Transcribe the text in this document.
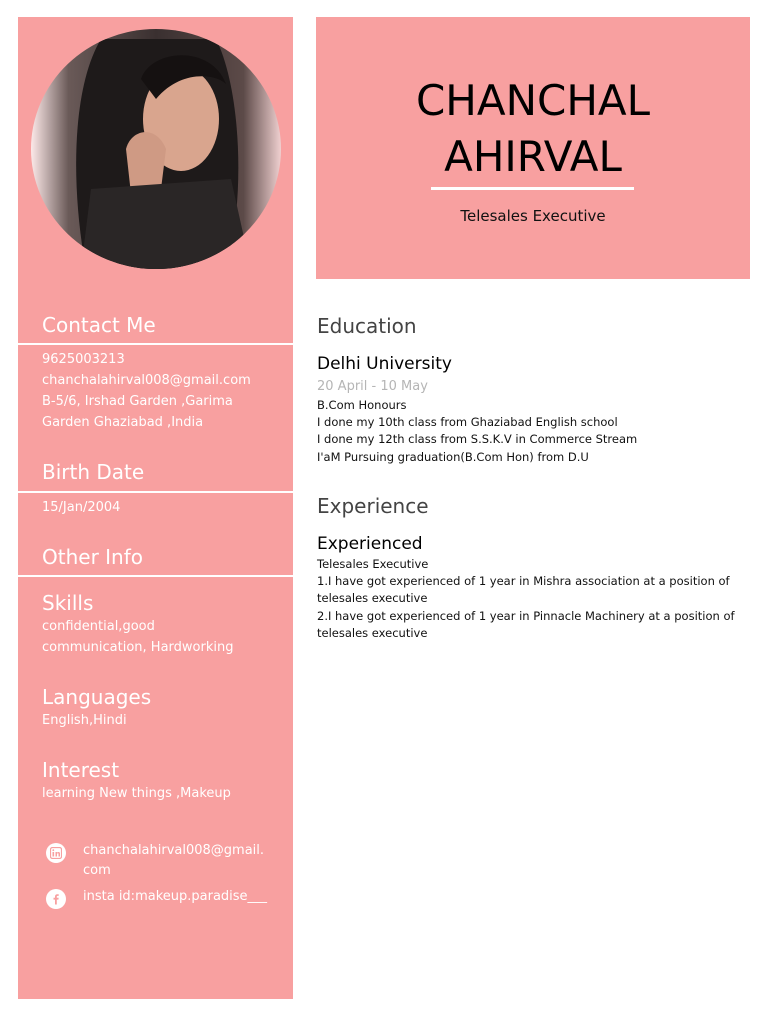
Contact Me
9625003213
chanchalahirval008@gmail.com
B-5/6, Irshad Garden ,Garima
Garden Ghaziabad ,India
Birth Date
15/Jan/2004
Other Info
Skills
confidential,good
communication, Hardworking
Languages
English,Hindi
Interest
learning New things ,Makeup
chanchalahirval008@gmail.com
insta id:makeup.paradise___
CHANCHAL
AHIRVAL
Telesales Executive
Education
Delhi University
20 April - 10 May
B.Com Honours
I done my 10th class from Ghaziabad English school
I done my 12th class from S.S.K.V in Commerce Stream
I'aM Pursuing graduation(B.Com Hon) from D.U
Experience
Experienced
Telesales Executive
1.I have got experienced of 1 year in Mishra association at a position of telesales executive
2.I have got experienced of 1 year in Pinnacle Machinery at a position of telesales executive
